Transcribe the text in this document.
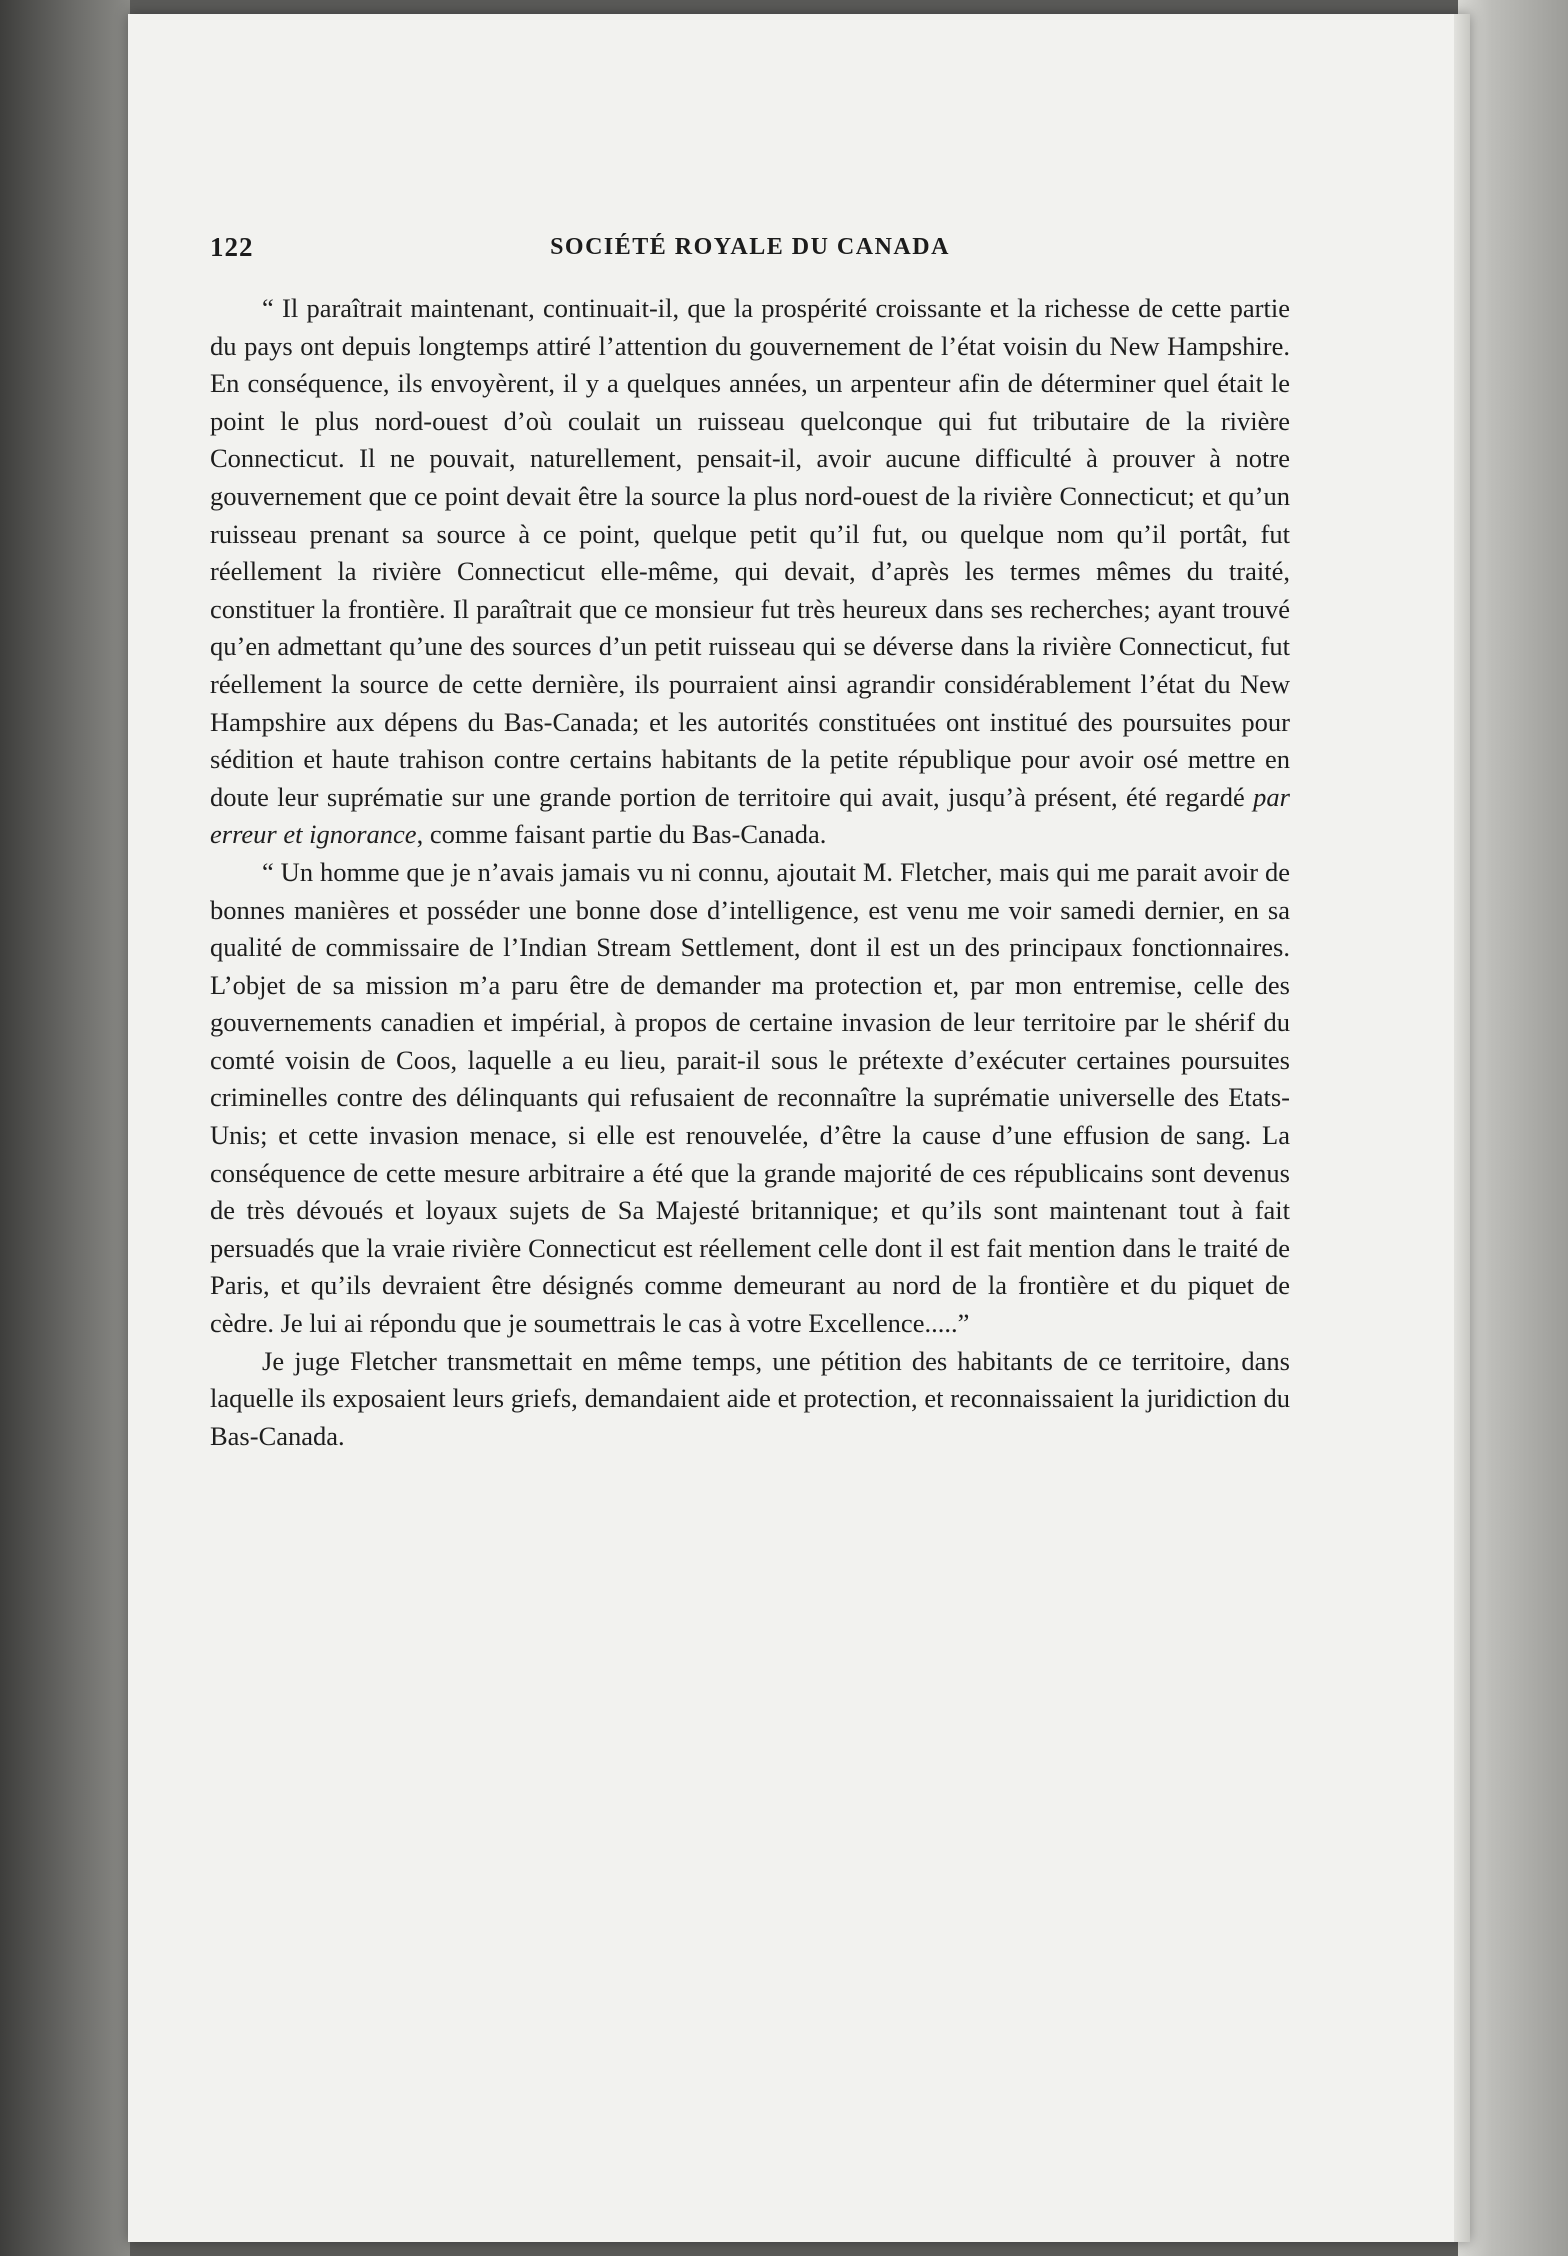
122	SOCIÉTÉ ROYALE DU CANADA

“ Il paraîtrait maintenant, continuait-il, que la prospérité croissante et la richesse de cette partie du pays ont depuis longtemps attiré l’attention du gouvernement de l’état voisin du New Hampshire. En conséquence, ils envoyèrent, il y a quelques années, un arpenteur afin de déterminer quel était le point le plus nord-ouest d’où coulait un ruisseau quelconque qui fut tributaire de la rivière Connecticut. Il ne pouvait, naturellement, pensait-il, avoir aucune difficulté à prouver à notre gouvernement que ce point devait être la source la plus nord-ouest de la rivière Connecticut; et qu’un ruisseau prenant sa source à ce point, quelque petit qu’il fut, ou quelque nom qu’il portât, fut réellement la rivière Connecticut elle-même, qui devait, d’après les termes mêmes du traité, constituer la frontière. Il paraîtrait que ce monsieur fut très heureux dans ses recherches; ayant trouvé qu’en admettant qu’une des sources d’un petit ruisseau qui se déverse dans la rivière Connecticut, fut réellement la source de cette dernière, ils pourraient ainsi agrandir considérablement l’état du New Hampshire aux dépens du Bas-Canada; et les autorités constituées ont institué des poursuites pour sédition et haute trahison contre certains habitants de la petite république pour avoir osé mettre en doute leur suprématie sur une grande portion de territoire qui avait, jusqu’à présent, été regardé par erreur et ignorance, comme faisant partie du Bas-Canada.

“ Un homme que je n’avais jamais vu ni connu, ajoutait M. Fletcher, mais qui me parait avoir de bonnes manières et posséder une bonne dose d’intelligence, est venu me voir samedi dernier, en sa qualité de commissaire de l’Indian Stream Settlement, dont il est un des principaux fonctionnaires. L’objet de sa mission m’a paru être de demander ma protection et, par mon entremise, celle des gouvernements canadien et impérial, à propos de certaine invasion de leur territoire par le shérif du comté voisin de Coos, laquelle a eu lieu, parait-il sous le prétexte d’exécuter certaines poursuites criminelles contre des délinquants qui refusaient de reconnaître la suprématie universelle des Etats-Unis; et cette invasion menace, si elle est renouvelée, d’être la cause d’une effusion de sang. La conséquence de cette mesure arbitraire a été que la grande majorité de ces républicains sont devenus de très dévoués et loyaux sujets de Sa Majesté britannique; et qu’ils sont maintenant tout à fait persuadés que la vraie rivière Connecticut est réellement celle dont il est fait mention dans le traité de Paris, et qu’ils devraient être désignés comme demeurant au nord de la frontière et du piquet de cèdre. Je lui ai répondu que je soumettrais le cas à votre Excellence.....”

Je juge Fletcher transmettait en même temps, une pétition des habitants de ce territoire, dans laquelle ils exposaient leurs griefs, demandaient aide et protection, et reconnaissaient la juridiction du Bas-Canada.
